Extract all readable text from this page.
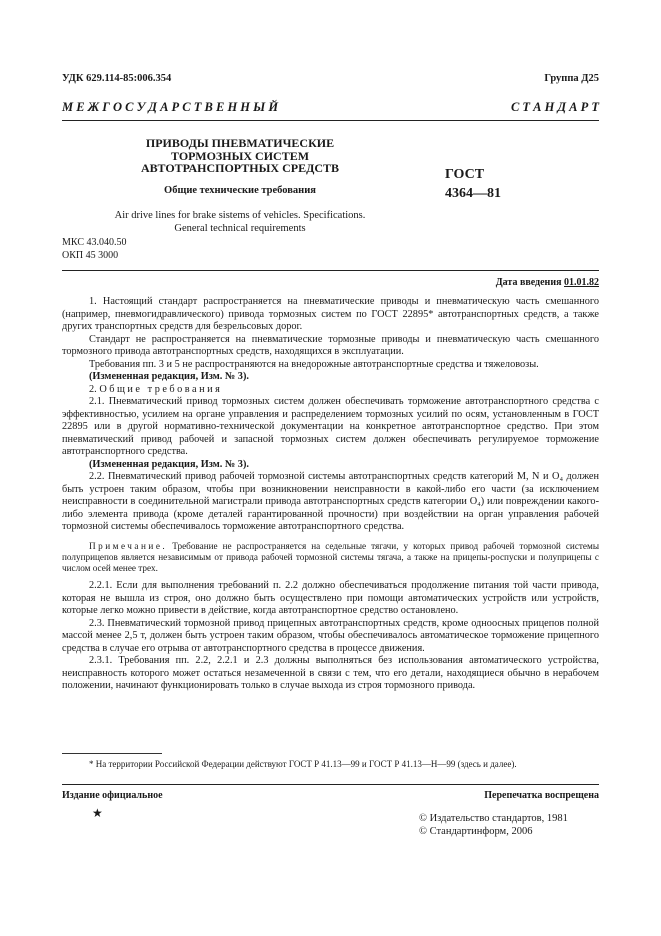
УДК 629.114-85:006.354	Группа Д25
М Е Ж Г О С У Д А Р С Т В Е Н Н Ы Й	С Т А Н Д А Р Т
ПРИВОДЫ ПНЕВМАТИЧЕСКИЕ
ТОРМОЗНЫХ СИСТЕМ
АВТОТРАНСПОРТНЫХ СРЕДСТВ
Общие технические требования
ГОСТ
4364—81
Air drive lines for brake sistems of vehicles. Specifications.
General technical requirements
МКС 43.040.50
ОКП 45 3000
Дата введения 01.01.82

1. Настоящий стандарт распространяется на пневматические приводы и пневматическую часть смешанного (например, пневмогидравлического) привода тормозных систем по ГОСТ 22895* автотранспортных средств, а также других транспортных средств для безрельсовых дорог.

Стандарт не распространяется на пневматические тормозные приводы и пневматическую часть смешанного тормозного привода автотранспортных средств, находящихся в эксплуатации.

Требования пп. 3 и 5 не распространяются на внедорожные автотранспортные средства и тяжеловозы.

(Измененная редакция, Изм. № 3).

2. Общие требования

2.1. Пневматический привод тормозных систем должен обеспечивать торможение автотранспортного средства с эффективностью, усилием на органе управления и распределением тормозных усилий по осям, установленным в ГОСТ 22895 или в другой нормативно-технической документации на конкретное автотранспортное средство. При этом пневматический привод рабочей и запасной тормозных систем должен обеспечивать регулируемое торможение автотранспортного средства.

(Измененная редакция, Изм. № 3).

2.2. Пневматический привод рабочей тормозной системы автотранспортных средств категорий M, N и O₄ должен быть устроен таким образом, чтобы при возникновении неисправности в какой-либо его части (за исключением неисправности в соединительной магистрали привода автотранспортных средств категории O₄) или повреждении какого-либо элемента привода (кроме деталей гарантированной прочности) при воздействии на орган управления рабочей тормозной системы обеспечивалось торможение автотранспортного средства.

Примечание. Требование не распространяется на седельные тягачи, у которых привод рабочей тормозной системы полуприцепов является независимым от привода рабочей тормозной системы тягача, а также на прицепы-роспуски и полуприцепы с числом осей менее трех.

2.2.1. Если для выполнения требований п. 2.2 должно обеспечиваться продолжение питания той части привода, которая не вышла из строя, оно должно быть осуществлено при помощи автоматических устройств или устройств, которые легко можно привести в действие, когда автотранспортное средство остановлено.

2.3. Пневматический тормозной привод прицепных автотранспортных средств, кроме одноосных прицепов полной массой менее 2,5 т, должен быть устроен таким образом, чтобы обеспечивалось автоматическое торможение прицепного средства в случае его отрыва от автотранспортного средства в процессе движения.

2.3.1. Требования пп. 2.2, 2.2.1 и 2.3 должны выполняться без использования автоматического устройства, неисправность которого может остаться незамеченной в связи с тем, что его детали, находящиеся обычно в нерабочем положении, начинают функционировать только в случае выхода из строя тормозного привода.

* На территории Российской Федерации действуют ГОСТ Р 41.13—99 и ГОСТ Р 41.13—Н—99 (здесь и далее).
Издание официальное	Перепечатка воспрещена
★	© Издательство стандартов, 1981
© Стандартинформ, 2006
